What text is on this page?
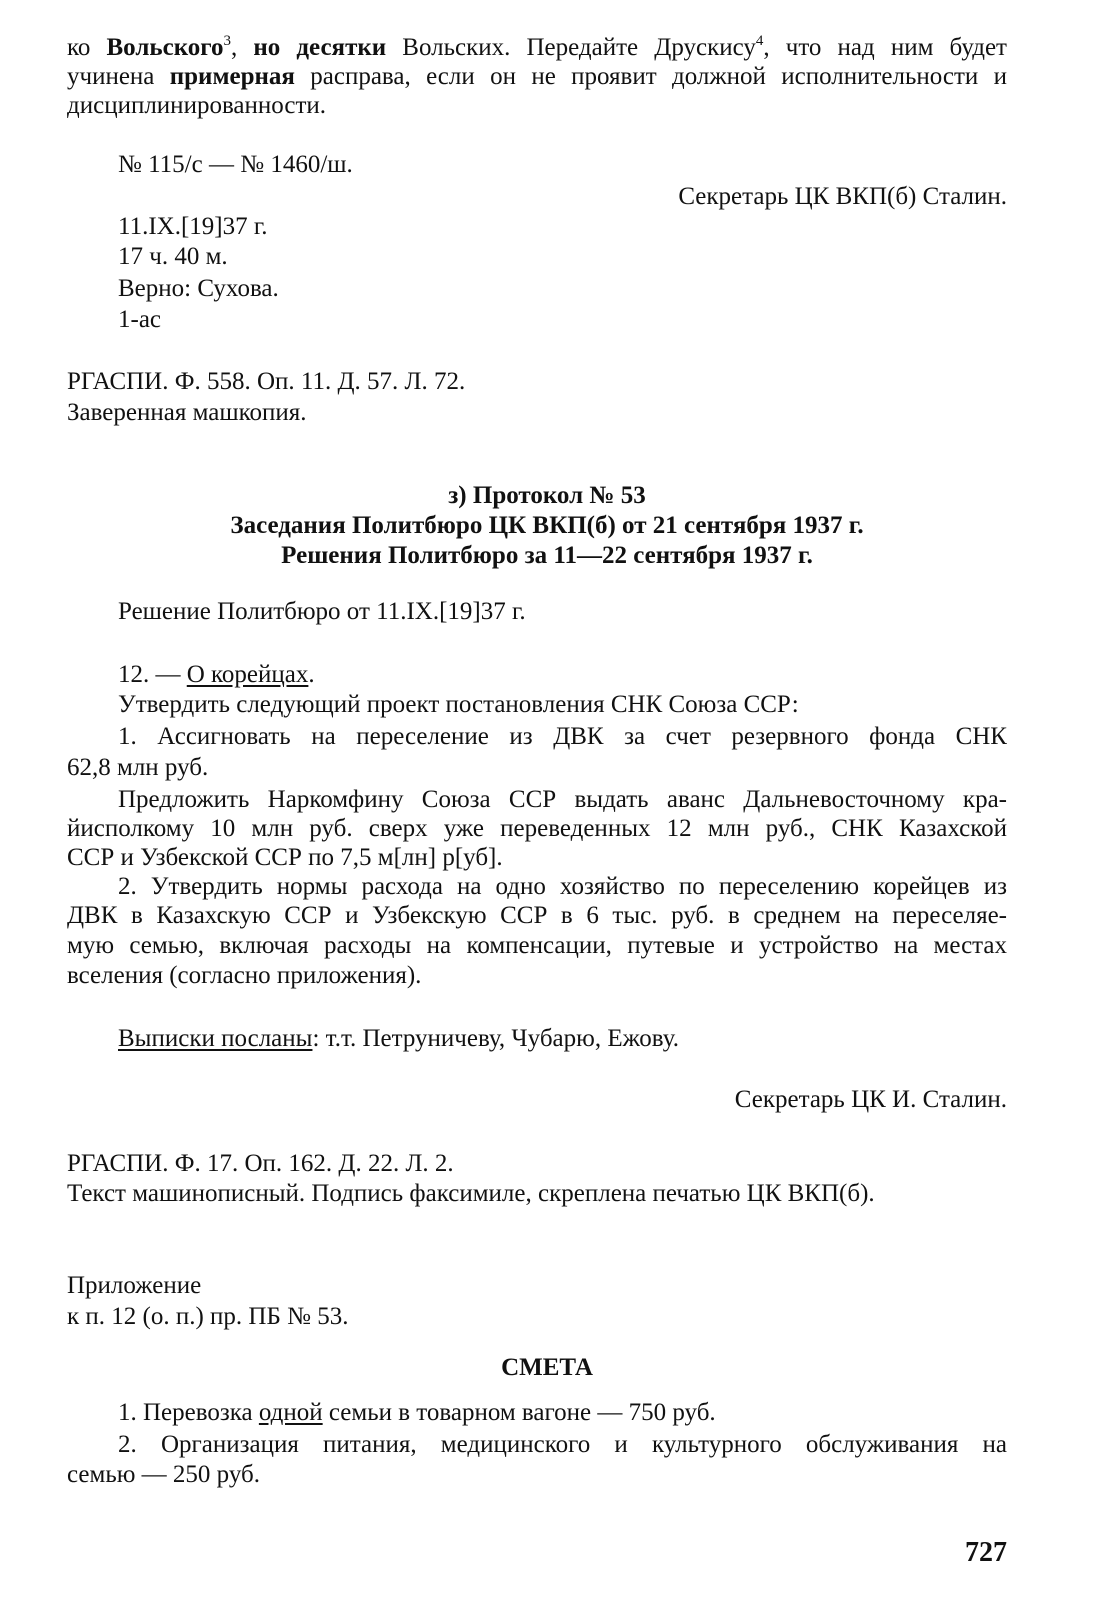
ко Вольского$^3$, но десятки Вольских. Передайте Друскису$^4$, что над ним будет
учинена примерная расправа, если он не проявит должной исполнительности и
дисциплинированности.
№ 115/с — № 1460/ш.
Секретарь ЦК ВКП(б) Сталин.
11.IX.[19]37 г.
17 ч. 40 м.
Верно: Сухова.
1-ас
РГАСПИ. Ф. 558. Оп. 11. Д. 57. Л. 72.
Заверенная машкопия.
з) Протокол № 53
Заседания Политбюро ЦК ВКП(б) от 21 сентября 1937 г.
Решения Политбюро за 11—22 сентября 1937 г.
Решение Политбюро от 11.IX.[19]37 г.
12. — О корейцах.
Утвердить следующий проект постановления СНК Союза ССР:
1. Ассигновать на переселение из ДВК за счет резервного фонда СНК
62,8 млн руб.
Предложить Наркомфину Союза ССР выдать аванс Дальневосточному кра-
йисполкому 10 млн руб. сверх уже переведенных 12 млн руб., СНК Казахской
ССР и Узбекской ССР по 7,5 м[лн] р[уб].
2. Утвердить нормы расхода на одно хозяйство по переселению корейцев из
ДВК в Казахскую ССР и Узбекскую ССР в 6 тыс. руб. в среднем на переселяе-
мую семью, включая расходы на компенсации, путевые и устройство на местах
вселения (согласно приложения).
Выписки посланы: т.т. Петруничеву, Чубарю, Ежову.
Секретарь ЦК И. Сталин.
РГАСПИ. Ф. 17. Оп. 162. Д. 22. Л. 2.
Текст машинописный. Подпись факсимиле, скреплена печатью ЦК ВКП(б).
Приложение
к п. 12 (о. п.) пр. ПБ № 53.
СМЕТА
1. Перевозка одной семьи в товарном вагоне — 750 руб.
2. Организация питания, медицинского и культурного обслуживания на
семью — 250 руб.
727
